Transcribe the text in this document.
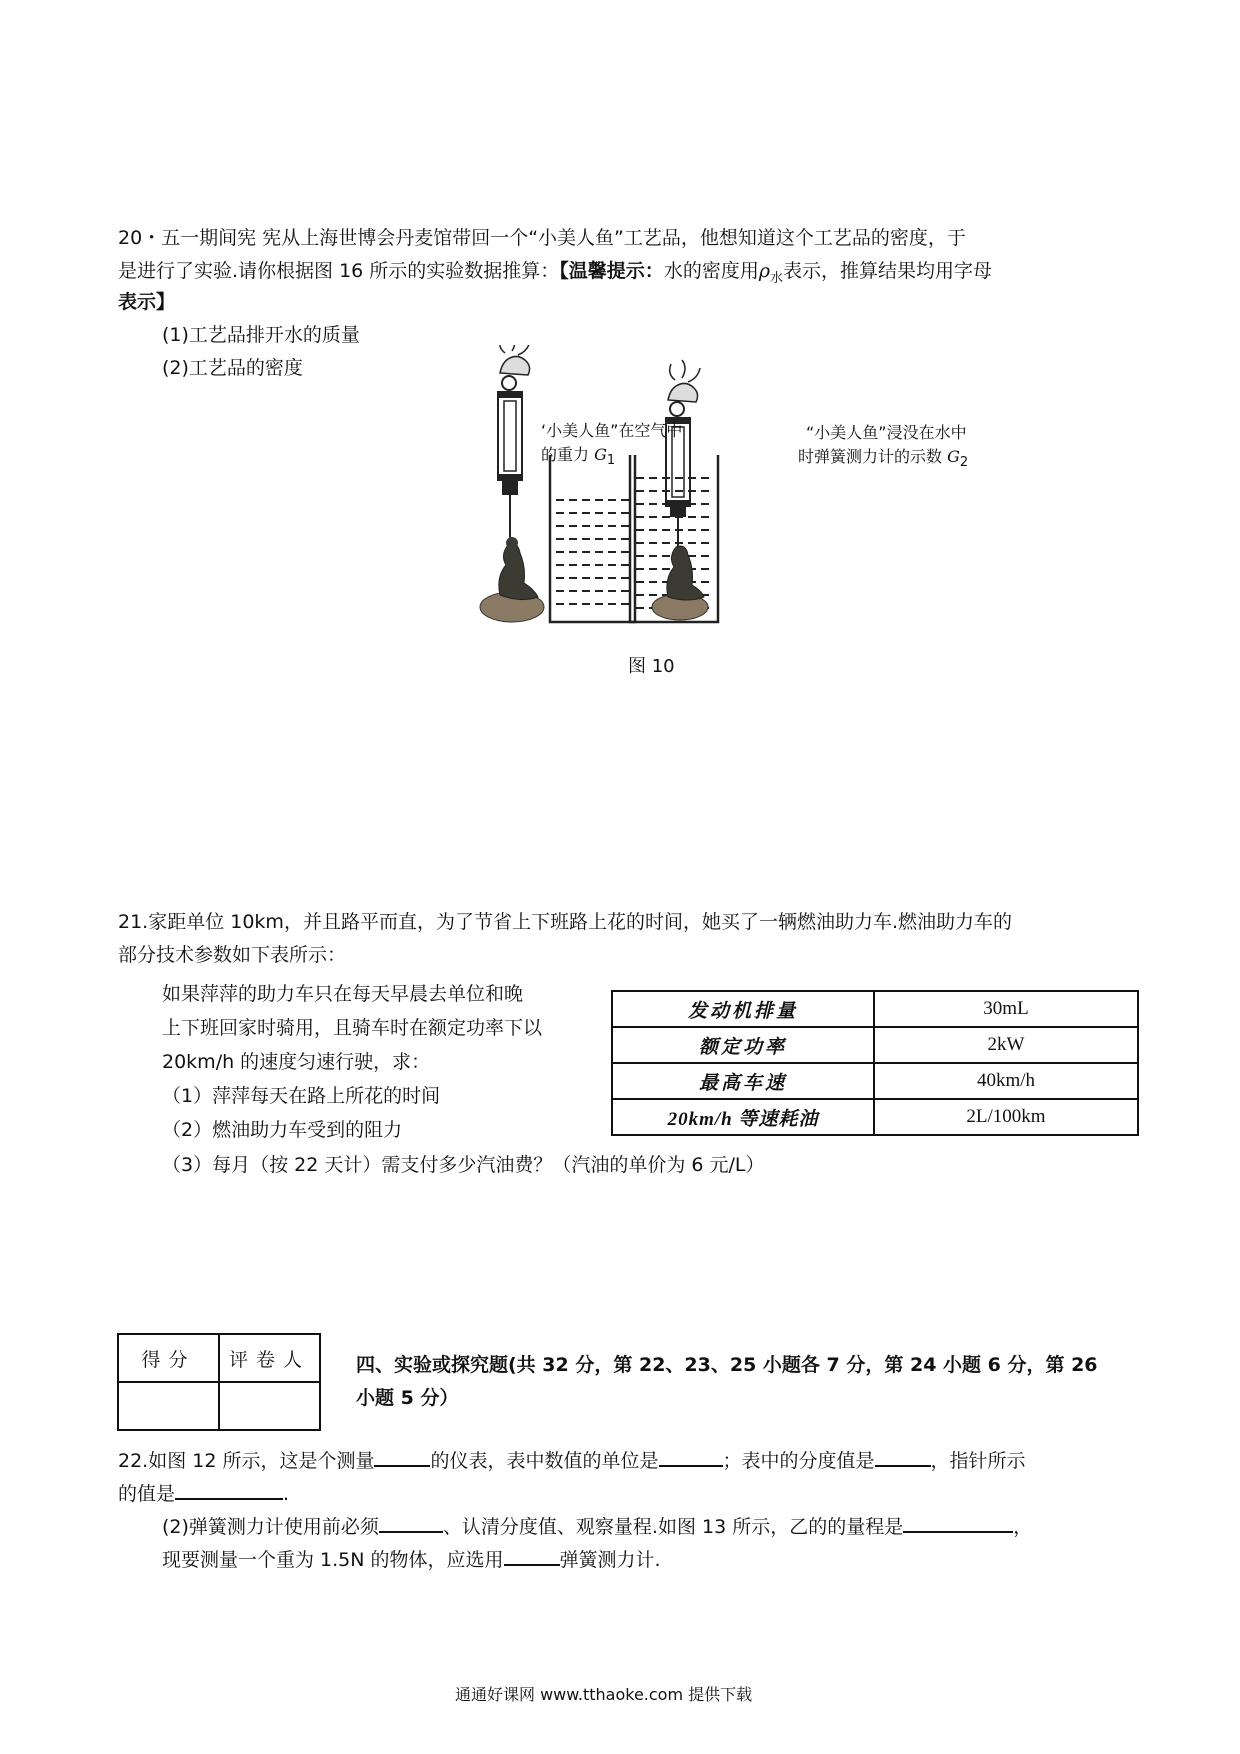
20・五一期间宪 宪从上海世博会丹麦馆带回一个“小美人鱼”工艺品，他想知道这个工艺品的密度，于
是进行了实验.请你根据图 16 所示的实验数据推算：【温馨提示：水的密度用$\rho_水$表示，推算结果均用字母
表示】
(1)工艺品排开水的质量
(2)工艺品的密度
‘小美人鱼”在空气中
的重力 $G_1$
“小美人鱼”浸没在水中
时弹簧测力计的示数 $G_2$
图 10
21.家距单位 10km，并且路平而直，为了节省上下班路上花的时间，她买了一辆燃油助力车.燃油助力车的
部分技术参数如下表所示：
如果萍萍的助力车只在每天早晨去单位和晚
上下班回家时骑用，且骑车时在额定功率下以
20km/h 的速度匀速行驶，求：
（1）萍萍每天在路上所花的时间
（2）燃油助力车受到的阻力
（3）每月（按 22 天计）需支付多少汽油费？（汽油的单价为 6 元/L）
发动机排量	30mL
额定功率	2kW
最高车速	40km/h
20km/h 等速耗油	2L/100km
得分	评卷人
	四、实验或探究题(共 32 分，第 22、23、25 小题各 7 分，第 24 小题 6 分，第 26
小题 5 分）
22.如图 12 所示，这是个测量	的仪表，表中数值的单位是	；表中的分度值是	，指针所示
的值是	.
(2)弹簧测力计使用前必须	、认清分度值、观察量程.如图 13 所示，乙的的量程是	，
现要测量一个重为 1.5N 的物体，应选用	弹簧测力计.
通通好课网 www.tthaoke.com 提供下载
